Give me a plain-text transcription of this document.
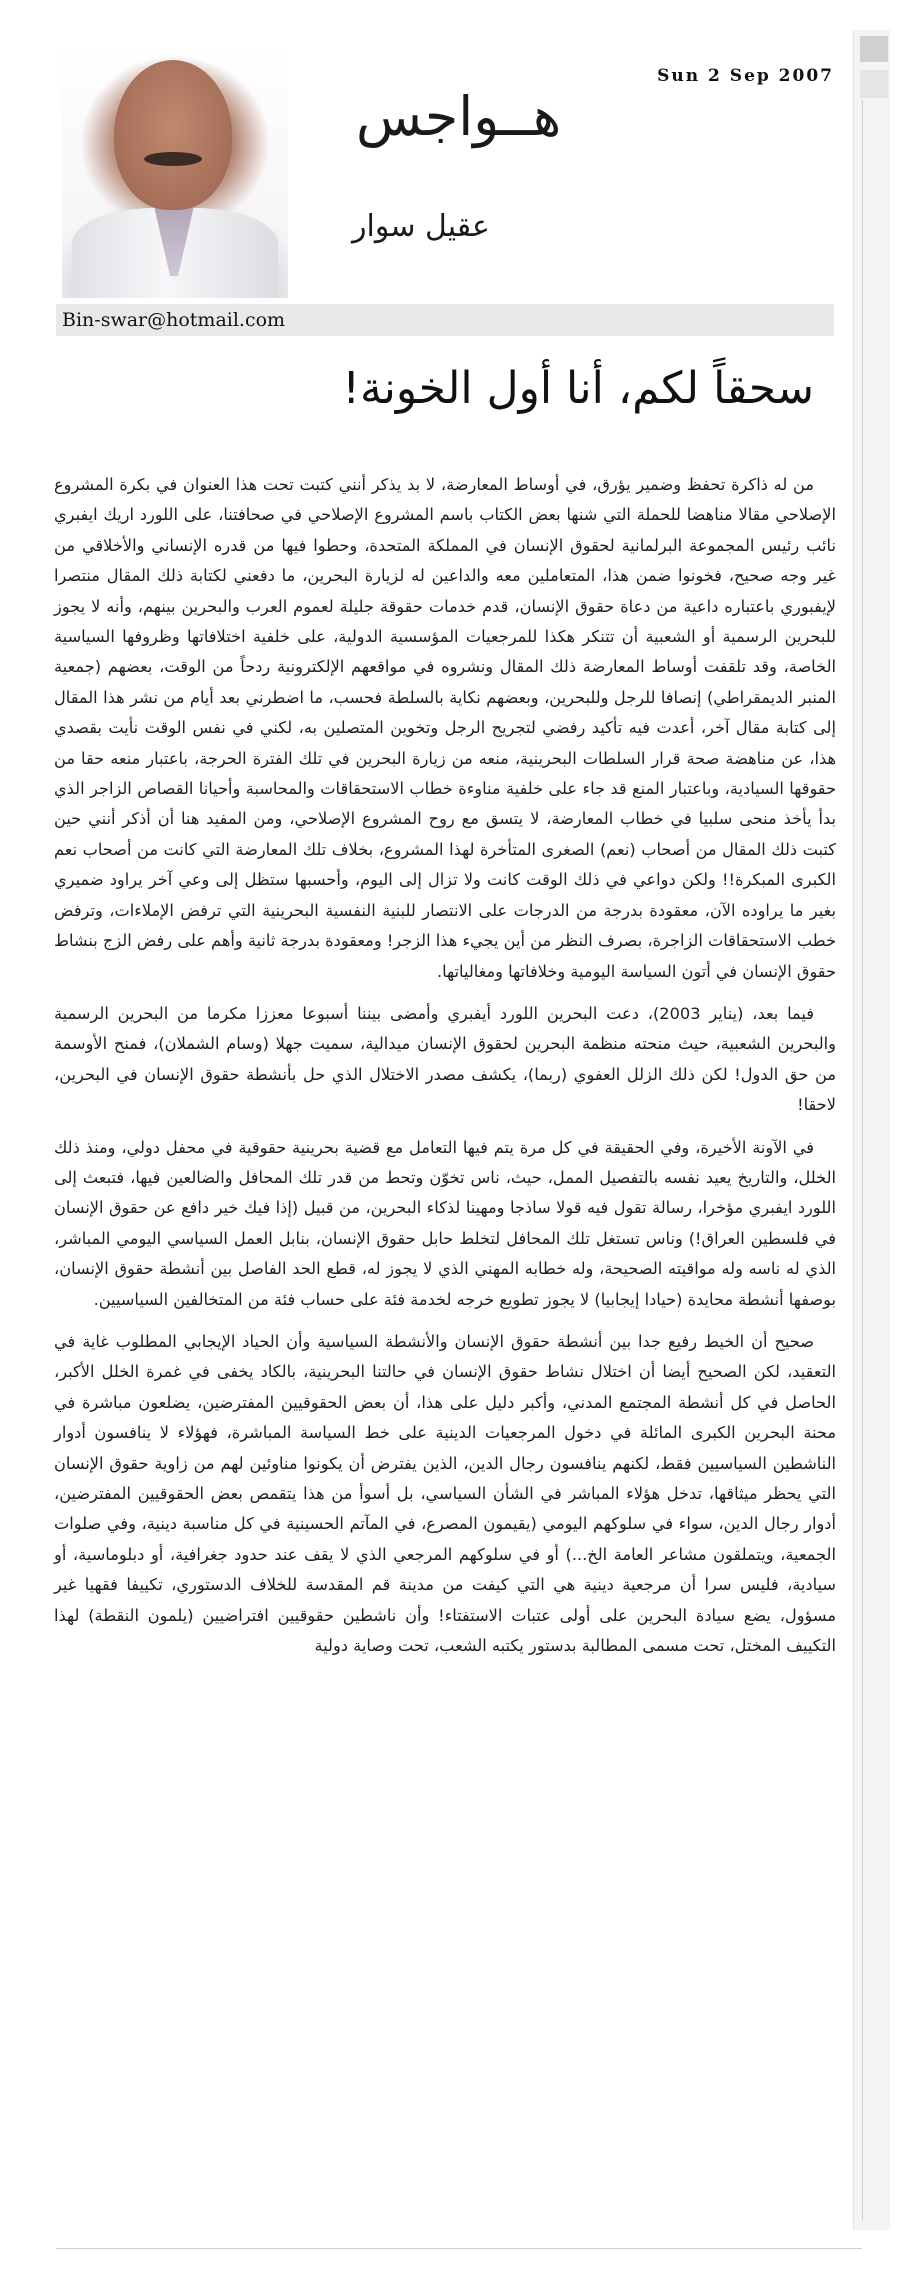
هــواجس
عقيل سوار
Sun 2 Sep 2007
Bin-swar@hotmail.com
سحقاً لكم، أنا أول الخونة!

من له ذاكرة تحفظ وضمير يؤرق، في أوساط المعارضة، لا بد يذكر أنني كتبت تحت هذا العنوان في بكرة المشروع الإصلاحي مقالا مناهضا للحملة التي شنها بعض الكتاب باسم المشروع الإصلاحي في صحافتنا، على اللورد اريك ايفبري نائب رئيس المجموعة البرلمانية لحقوق الإنسان في المملكة المتحدة، وحطوا فيها من قدره الإنساني والأخلاقي من غير وجه صحيح، فخونوا ضمن هذا، المتعاملين معه والداعين له لزيارة البحرين، ما دفعني لكتابة ذلك المقال منتصرا لإيفبوري باعتباره داعية من دعاة حقوق الإنسان، قدم خدمات حقوقة جليلة لعموم العرب والبحرين بينهم، وأنه لا يجوز للبحرين الرسمية أو الشعبية أن تتنكر هكذا للمرجعيات المؤسسية الدولية، على خلفية اختلافاتها وظروفها السياسية الخاصة، وقد تلقفت أوساط المعارضة ذلك المقال ونشروه في مواقعهم الإلكترونية ردحاً من الوقت، بعضهم (جمعية المنبر الديمقراطي) إنصافا للرجل وللبحرين، وبعضهم نكاية بالسلطة فحسب، ما اضطرني بعد أيام من نشر هذا المقال إلى كتابة مقال آخر، أعدت فيه تأكيد رفضي لتجريح الرجل وتخوين المتصلين به، لكني في نفس الوقت نأيت بقصدي هذا، عن مناهضة صحة قرار السلطات البحرينية، منعه من زيارة البحرين في تلك الفترة الحرجة، باعتبار منعه حقا من حقوقها السيادية، وباعتبار المنع قد جاء على خلفية مناوءة خطاب الاستحقاقات والمحاسبة وأحيانا القصاص الزاجر الذي بدأ يأخذ منحى سلبيا في خطاب المعارضة، لا يتسق مع روح المشروع الإصلاحي، ومن المفيد هنا أن أذكر أنني حين كتبت ذلك المقال من أصحاب (نعم) الصغرى المتأخرة لهذا المشروع، بخلاف تلك المعارضة التي كانت من أصحاب نعم الكبرى المبكرة!! ولكن دواعي في ذلك الوقت كانت ولا تزال إلى اليوم، وأحسبها ستظل إلى وعي آخر يراود ضميري بغير ما يراوده الآن، معقودة بدرجة من الدرجات على الانتصار للبنية النفسية البحرينية التي ترفض الإملاءات، وترفض خطب الاستحقاقات الزاجرة، بصرف النظر من أين يجيء هذا الزجر! ومعقودة بدرجة ثانية وأهم على رفض الزج بنشاط حقوق الإنسان في أتون السياسة اليومية وخلافاتها ومغالياتها.

فيما بعد، (يناير 2003)، دعت البحرين اللورد أيفبري وأمضى بيننا أسبوعا معززا مكرما من البحرين الرسمية والبحرين الشعبية، حيث منحته منظمة البحرين لحقوق الإنسان ميدالية، سميت جهلا (وسام الشملان)، فمنح الأوسمة من حق الدول! لكن ذلك الزلل العفوي (ربما)، يكشف مصدر الاختلال الذي حل بأنشطة حقوق الإنسان في البحرين، لاحقا!

في الآونة الأخيرة، وفي الحقيقة في كل مرة يتم فيها التعامل مع قضية بحرينية حقوقية في محفل دولي، ومنذ ذلك الخلل، والتاريخ يعيد نفسه بالتفصيل الممل، حيث، ناس تخوّن وتحط من قدر تلك المحافل والضالعين فيها، فتبعث إلى اللورد ايفبري مؤخرا، رسالة تقول فيه قولا ساذجا ومهينا لذكاء البحرين، من قبيل (إذا فيك خير دافع عن حقوق الإنسان في فلسطين العراق!) وناس تستغل تلك المحافل لتخلط حابل حقوق الإنسان، بنابل العمل السياسي اليومي المباشر، الذي له ناسه وله مواقيته الصحيحة، وله خطابه المهني الذي لا يجوز له، قطع الحد الفاصل بين أنشطة حقوق الإنسان، بوصفها أنشطة محايدة (حيادا إيجابيا) لا يجوز تطويع خرجه لخدمة فئة على حساب فئة من المتخالفين السياسيين.

صحيح أن الخيط رفيع جدا بين أنشطة حقوق الإنسان والأنشطة السياسية وأن الحياد الإيجابي المطلوب غاية في التعقيد، لكن الصحيح أيضا أن اختلال نشاط حقوق الإنسان في حالتنا البحرينية، بالكاد يخفى في غمرة الخلل الأكبر، الحاصل في كل أنشطة المجتمع المدني، وأكبر دليل على هذا، أن بعض الحقوقيين المفترضين، يضلعون مباشرة في محنة البحرين الكبرى المائلة في دخول المرجعيات الدينية على خط السياسة المباشرة، فهؤلاء لا ينافسون أدوار الناشطين السياسيين فقط، لكنهم ينافسون رجال الدين، الذين يفترض أن يكونوا مناوئين لهم من زاوية حقوق الإنسان التي يحظر ميثاقها، تدخل هؤلاء المباشر في الشأن السياسي، بل أسوأ من هذا يتقمص بعض الحقوقيين المفترضين، أدوار رجال الدين، سواء في سلوكهم اليومي (يقيمون المصرع، في المآتم الحسينية في كل مناسبة دينية، وفي صلوات الجمعية، ويتملقون مشاعر العامة الخ...) أو في سلوكهم المرجعي الذي لا يقف عند حدود جغرافية، أو دبلوماسية، أو سيادية، فليس سرا أن مرجعية دينية هي التي كيفت من مدينة قم المقدسة للخلاف الدستوري، تكييفا فقهيا غير مسؤول، يضع سيادة البحرين على أولى عتبات الاستفتاء! وأن ناشطين حقوقيين افتراضيين (يلمون النقطة) لهذا التكييف المختل، تحت مسمى المطالبة بدستور يكتبه الشعب، تحت وصاية دولية
